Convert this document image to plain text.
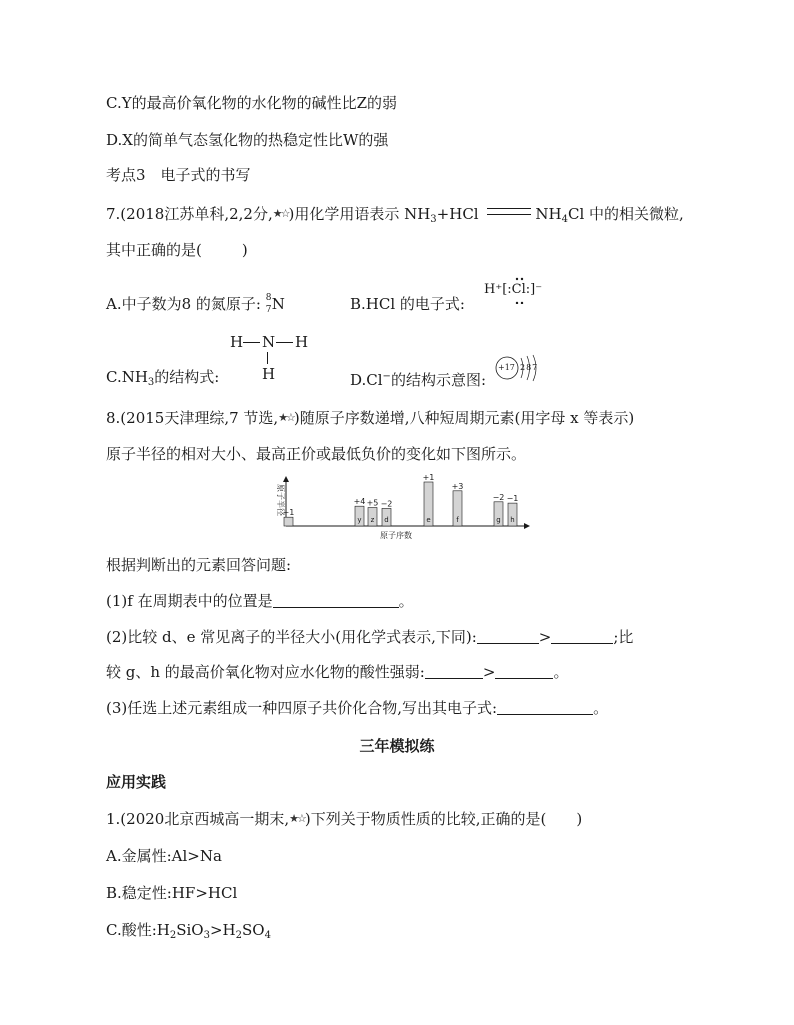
C.Y的最高价氧化物的水化物的碱性比Z的弱
D.X的简单气态氢化物的热稳定性比W的强
考点3　电子式的书写
7.(2018江苏单科,2,2分,★☆)用化学用语表示 $NH_3+HCl$	$NH_4Cl$ 中的相关微粒,
其中正确的是(	)
A.中子数为8 的氮原子: 8
7 N	B.HCl 的电子式:
H⁺[:Cl:]⁻
H N H
H
$C.NH_3$的结构式:	D.Cl−的结构示意图:
+17 287
8.(2015天津理综,7 节选,★☆)随原子序数递增,八种短周期元素(用字母 x 等表示)
原子半径的相对大小、最高正价或最低负价的变化如下图所示。
原子半径
+1
+4
y
+5
z
−2
d
+1
e
+3
f
−2
g
−1
h
原子序数
根据判断出的元素回答问题:
(1)f 在周期表中的位置是	。
(2)比较 d、e 常见离子的半径大小(用化学式表示,下同):	>	;比
较 g、h 的最高价氧化物对应水化物的酸性强弱:	>	。
(3)任选上述元素组成一种四原子共价化合物,写出其电子式:	。
三年模拟练
应用实践
1.(2020北京西城高一期末,★☆)下列关于物质性质的比较,正确的是( )
A.金属性:Al>Na
B.稳定性:HF>HCl
C.酸性$:H_2SiO_3>H_2SO_4$
